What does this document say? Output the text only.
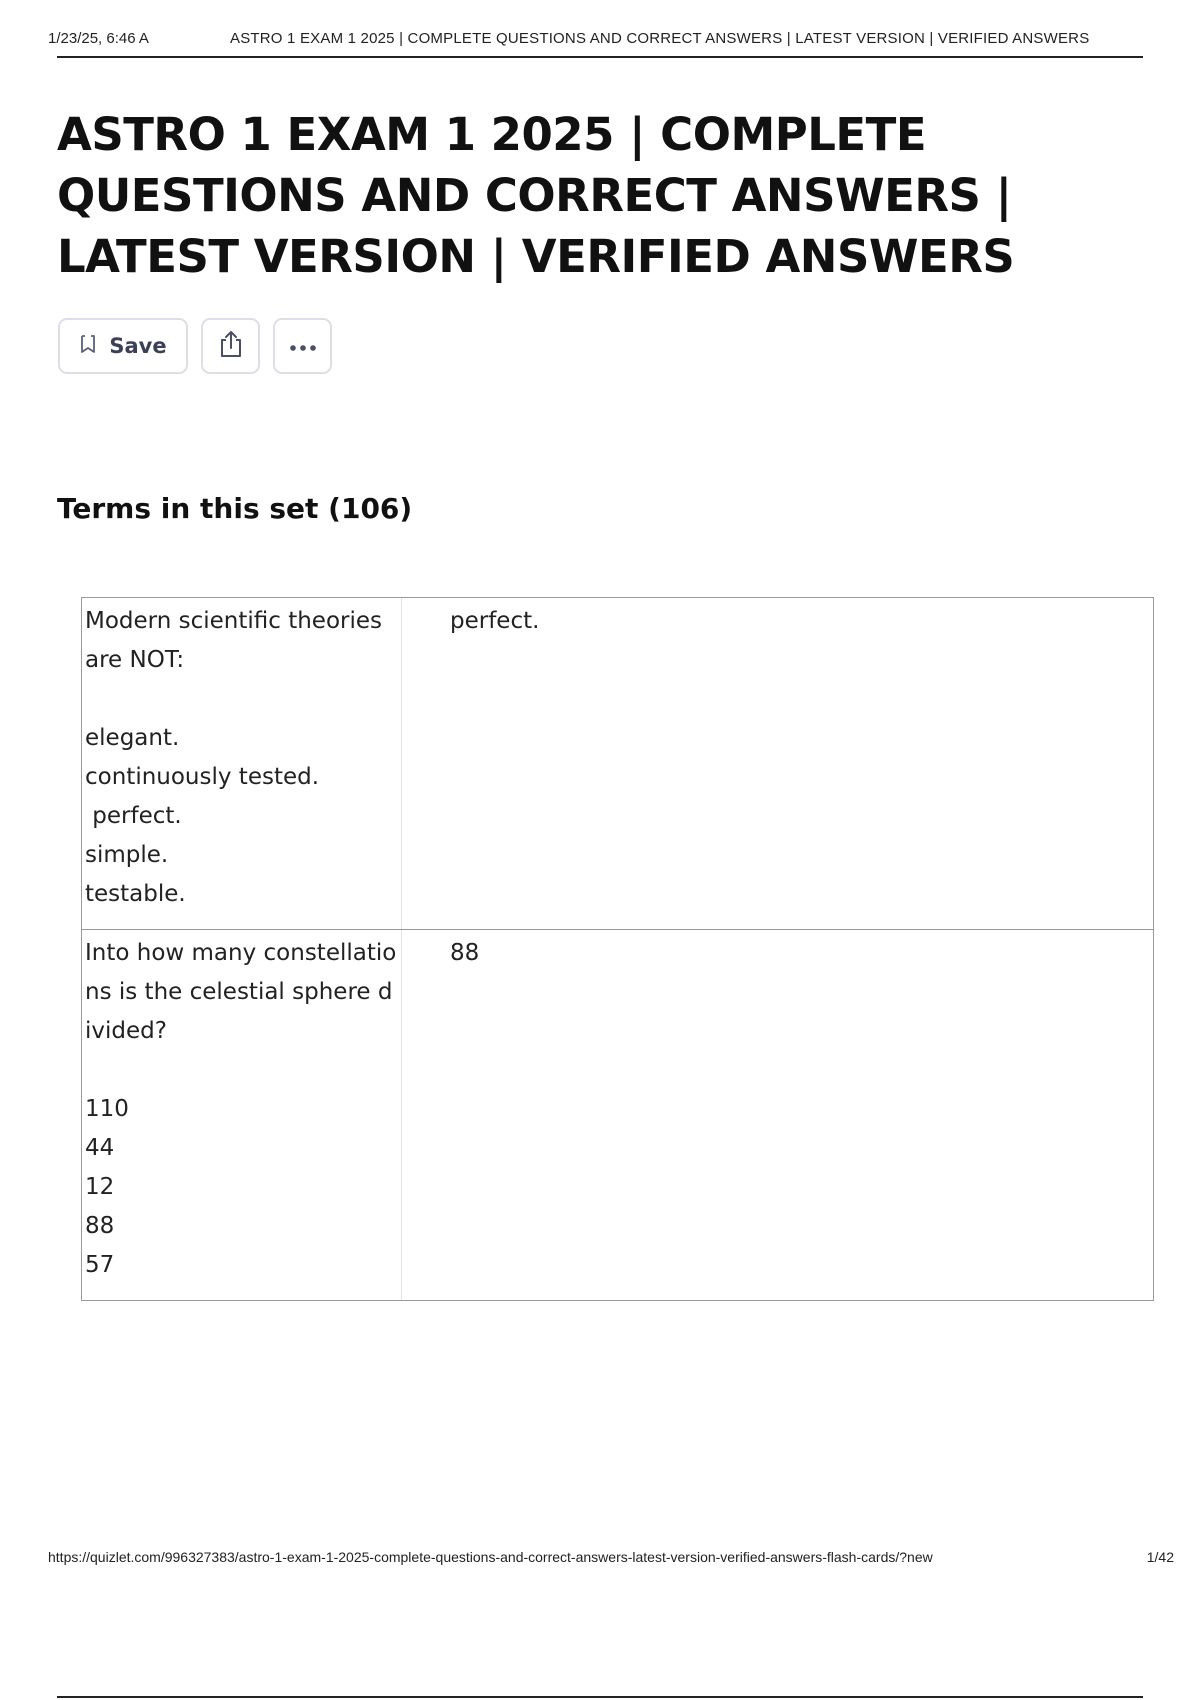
1/23/25, 6:46 A	ASTRO 1 EXAM 1 2025 | COMPLETE QUESTIONS AND CORRECT ANSWERS | LATEST VERSION | VERIFIED ANSWERS
ASTRO 1 EXAM 1 2025 | COMPLETE QUESTIONS AND CORRECT ANSWERS | LATEST VERSION | VERIFIED ANSWERS
Save
Terms in this set (106)
Modern scientific theories are NOT:
elegant.
continuously tested.
perfect.
simple.
testable.
perfect.
Into how many constellations is the celestial sphere divided?
110
44
12
88
57
88
https://quizlet.com/996327383/astro-1-exam-1-2025-complete-questions-and-correct-answers-latest-version-verified-answers-flash-cards/?new	1/42
